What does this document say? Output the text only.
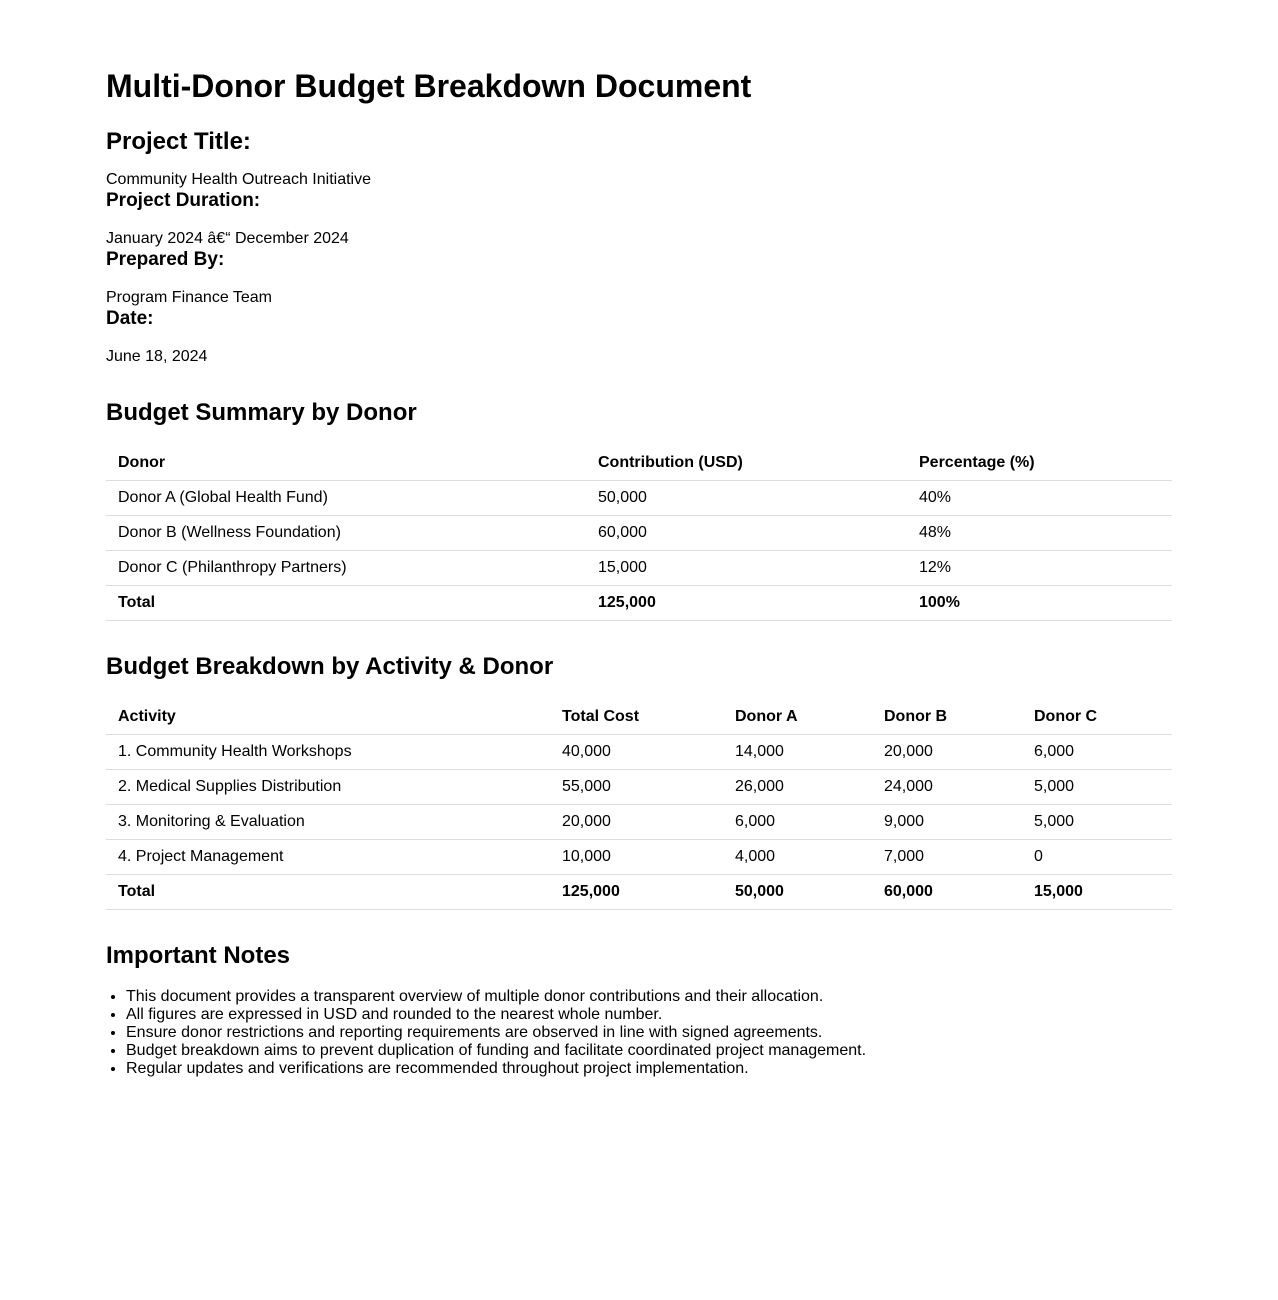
Multi-Donor Budget Breakdown Document
Project Title:

Community Health Outreach Initiative

Project Duration:

January 2024 â€“ December 2024

Prepared By:

Program Finance Team

Date:

June 18, 2024

Budget Summary by Donor
Donor	Contribution (USD)	Percentage (%)
Donor A (Global Health Fund)	50,000	40%
Donor B (Wellness Foundation)	60,000	48%
Donor C (Philanthropy Partners)	15,000	12%
Total	125,000	100%
Budget Breakdown by Activity & Donor
Activity	Total Cost	Donor A	Donor B	Donor C
1. Community Health Workshops	40,000	14,000	20,000	6,000
2. Medical Supplies Distribution	55,000	26,000	24,000	5,000
3. Monitoring & Evaluation	20,000	6,000	9,000	5,000
4. Project Management	10,000	4,000	7,000	0
Total	125,000	50,000	60,000	15,000
Important Notes
• This document provides a transparent overview of multiple donor contributions and their allocation.
• All figures are expressed in USD and rounded to the nearest whole number.
• Ensure donor restrictions and reporting requirements are observed in line with signed agreements.
• Budget breakdown aims to prevent duplication of funding and facilitate coordinated project management.
• Regular updates and verifications are recommended throughout project implementation.
